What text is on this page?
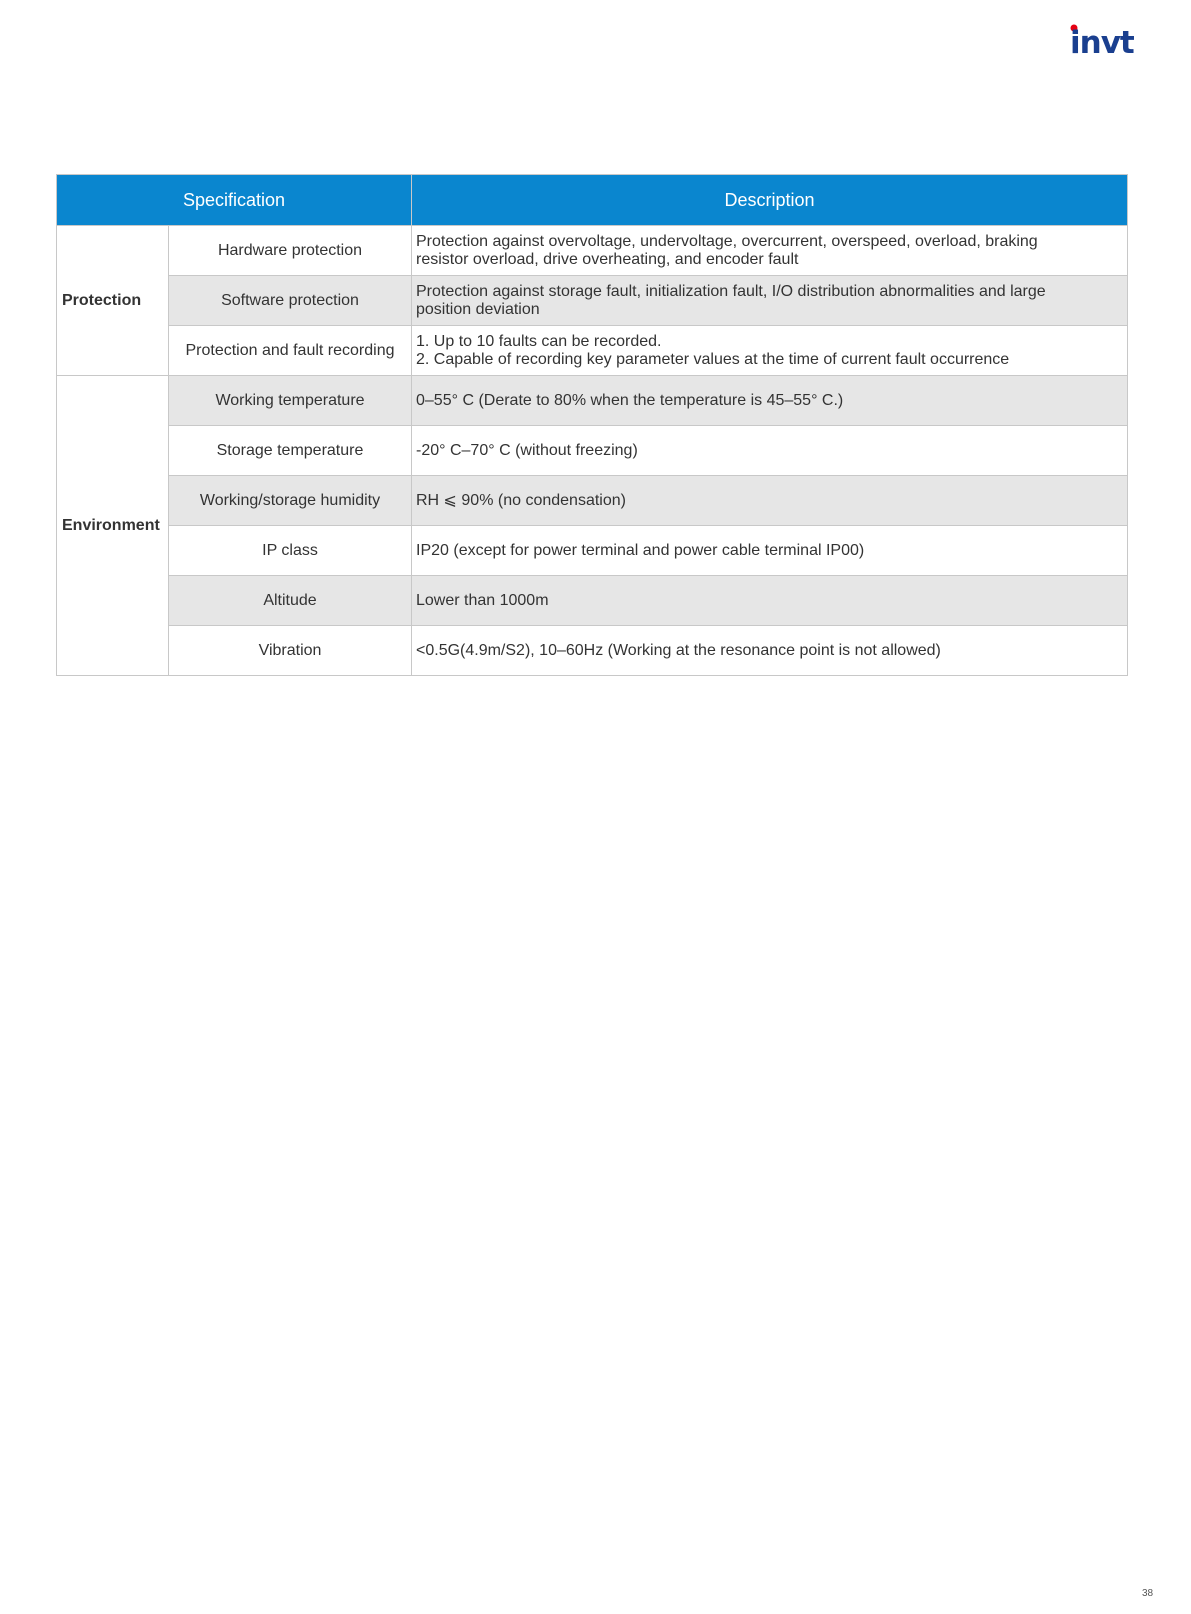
invt
Specification		Description
Protection	Hardware protection	Protection against overvoltage, undervoltage, overcurrent, overspeed, overload, braking
resistor overload, drive overheating, and encoder fault

	Software protection	Protection against storage fault, initialization fault, I/O distribution abnormalities and large
position deviation

	Protection and fault recording	1. Up to 10 faults can be recorded.
2. Capable of recording key parameter values at the time of current fault occurrence

Environment	Working temperature	0–55° C (Derate to 80% when the temperature is 45–55° C.)
	Storage temperature	-20° C–70° C (without freezing)
	Working/storage humidity	RH ⩽ 90% (no condensation)
	IP class	IP20 (except for power terminal and power cable terminal IP00)
	Altitude	Lower than 1000m
	Vibration	<0.5G(4.9m/S2), 10–60Hz (Working at the resonance point is not allowed)
38
